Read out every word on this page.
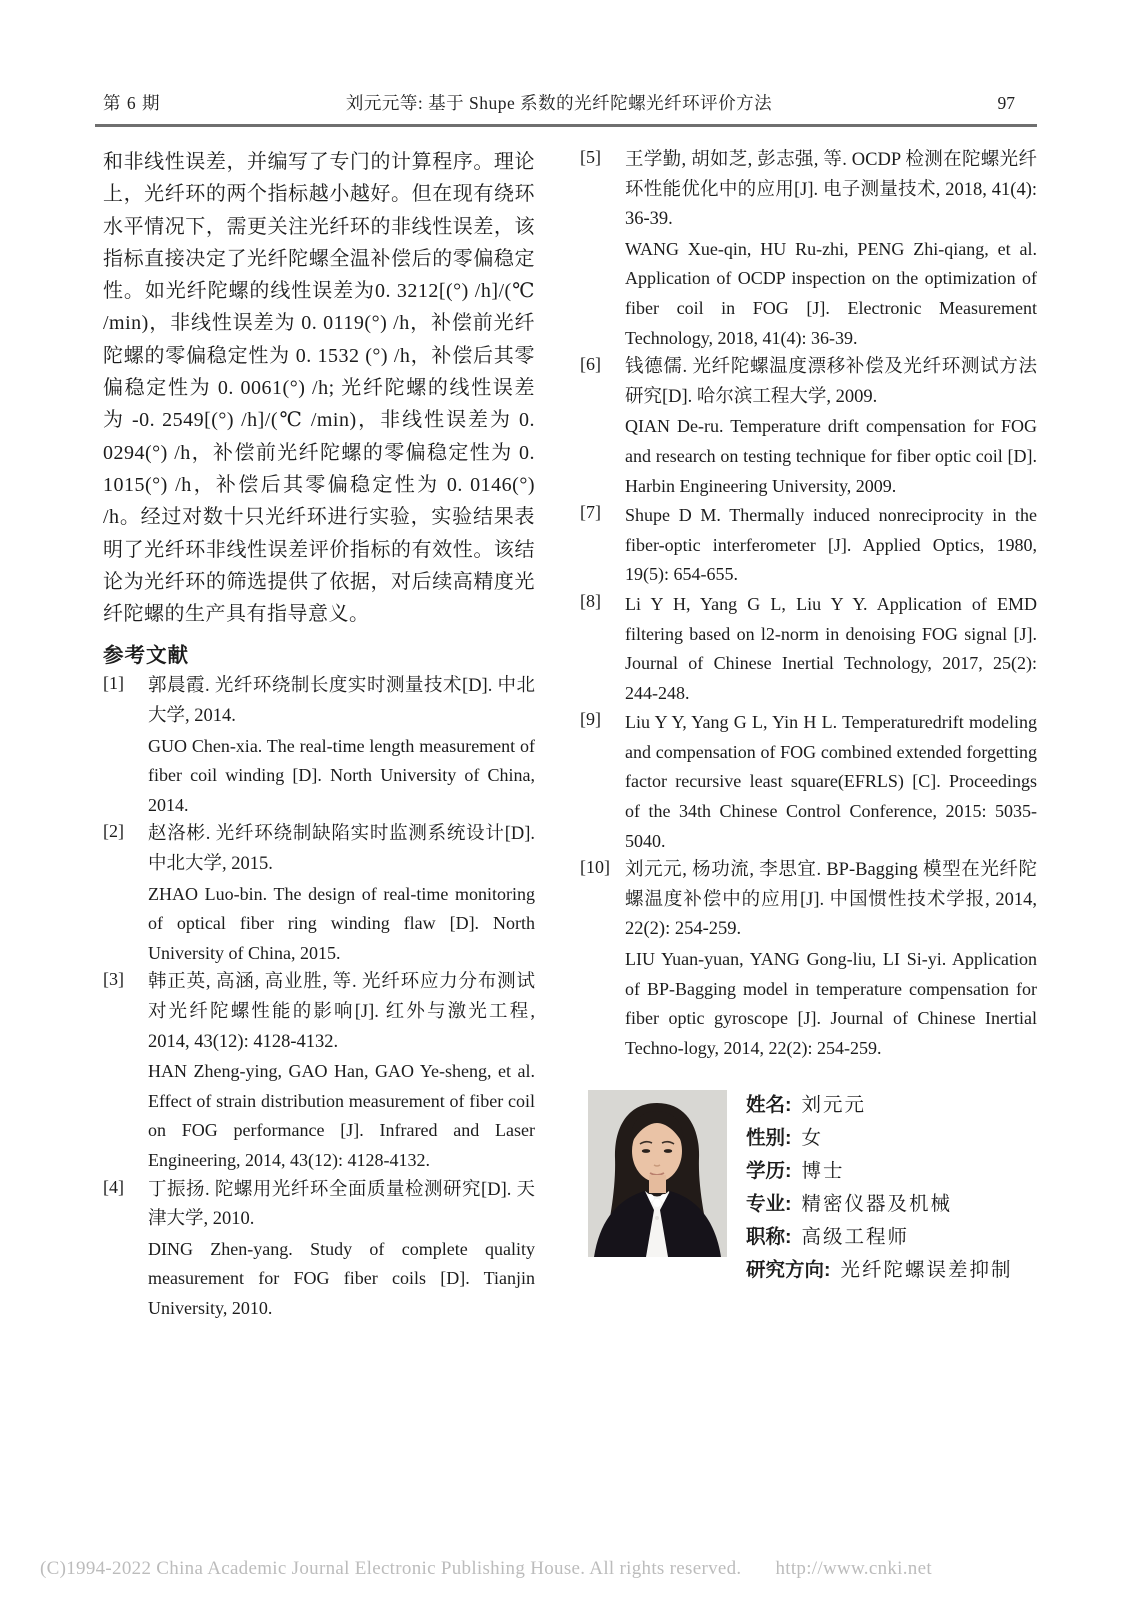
第 6 期	刘元元等: 基于 Shupe 系数的光纤陀螺光纤环评价方法	97

和非线性误差，并编写了专门的计算程序。理论上，光纤环的两个指标越小越好。但在现有绕环水平情况下，需更关注光纤环的非线性误差，该指标直接决定了光纤陀螺全温补偿后的零偏稳定性。如光纤陀螺的线性误差为0. 3212[(°) /h]/(℃ /min)，非线性误差为 0. 0119(°) /h，补偿前光纤陀螺的零偏稳定性为 0. 1532 (°) /h，补偿后其零偏稳定性为 0. 0061(°) /h; 光纤陀螺的线性误差为 -0. 2549[(°) /h]/(℃ /min)，非线性误差为 0. 0294(°) /h，补偿前光纤陀螺的零偏稳定性为 0. 1015(°) /h，补偿后其零偏稳定性为 0. 0146(°) /h。经过对数十只光纤环进行实验，实验结果表明了光纤环非线性误差评价指标的有效性。该结论为光纤环的筛选提供了依据，对后续高精度光纤陀螺的生产具有指导意义。

参考文献
[1]	郭晨霞. 光纤环绕制长度实时测量技术[D]. 中北大学, 2014.

GUO Chen-xia. The real-time length measurement of fiber coil winding [D]. North University of China, 2014.

[2]	赵洛彬. 光纤环绕制缺陷实时监测系统设计[D]. 中北大学, 2015.

ZHAO Luo-bin. The design of real-time monitoring of optical fiber ring winding flaw [D]. North University of China, 2015.

[3]	韩正英, 高涵, 高业胜, 等. 光纤环应力分布测试对光纤陀螺性能的影响[J]. 红外与激光工程, 2014, 43(12): 4128-4132.

HAN Zheng-ying, GAO Han, GAO Ye-sheng, et al. Effect of strain distribution measurement of fiber coil on FOG performance [J]. Infrared and Laser Engineering, 2014, 43(12): 4128-4132.

[4]	丁振扬. 陀螺用光纤环全面质量检测研究[D]. 天津大学, 2010.

DING Zhen-yang. Study of complete quality measurement for FOG fiber coils [D]. Tianjin University, 2010.

[5]	王学勤, 胡如芝, 彭志强, 等. OCDP 检测在陀螺光纤环性能优化中的应用[J]. 电子测量技术, 2018, 41(4): 36-39.

WANG Xue-qin, HU Ru-zhi, PENG Zhi-qiang, et al. Application of OCDP inspection on the optimization of fiber coil in FOG [J]. Electronic Measurement Technology, 2018, 41(4): 36-39.

[6]	钱德儒. 光纤陀螺温度漂移补偿及光纤环测试方法研究[D]. 哈尔滨工程大学, 2009.

QIAN De-ru. Temperature drift compensation for FOG and research on testing technique for fiber optic coil [D]. Harbin Engineering University, 2009.

[7]	Shupe D M. Thermally induced nonreciprocity in the fiber-optic interferometer [J]. Applied Optics, 1980, 19(5): 654-655.

[8]	Li Y H, Yang G L, Liu Y Y. Application of EMD filtering based on l2-norm in denoising FOG signal [J]. Journal of Chinese Inertial Technology, 2017, 25(2): 244-248.

[9]	Liu Y Y, Yang G L, Yin H L. Temperaturedrift modeling and compensation of FOG combined extended forgetting factor recursive least square(EFRLS) [C]. Proceedings of the 34th Chinese Control Conference, 2015: 5035-5040.

[10] 刘元元, 杨功流, 李思宜. BP-Bagging 模型在光纤陀螺温度补偿中的应用[J]. 中国惯性技术学报, 2014, 22(2): 254-259.

LIU Yuan-yuan, YANG Gong-liu, LI Si-yi. Application of BP-Bagging model in temperature compensation for fiber optic gyroscope [J]. Journal of Chinese Inertial Techno-logy, 2014, 22(2): 254-259.

姓名: 刘元元
性别: 女
学历: 博士
专业: 精密仪器及机械
职称: 高级工程师
研究方向: 光纤陀螺误差抑制
(C)1994-2022 China Academic Journal Electronic Publishing House. All rights reserved. http://www.cnki.net
